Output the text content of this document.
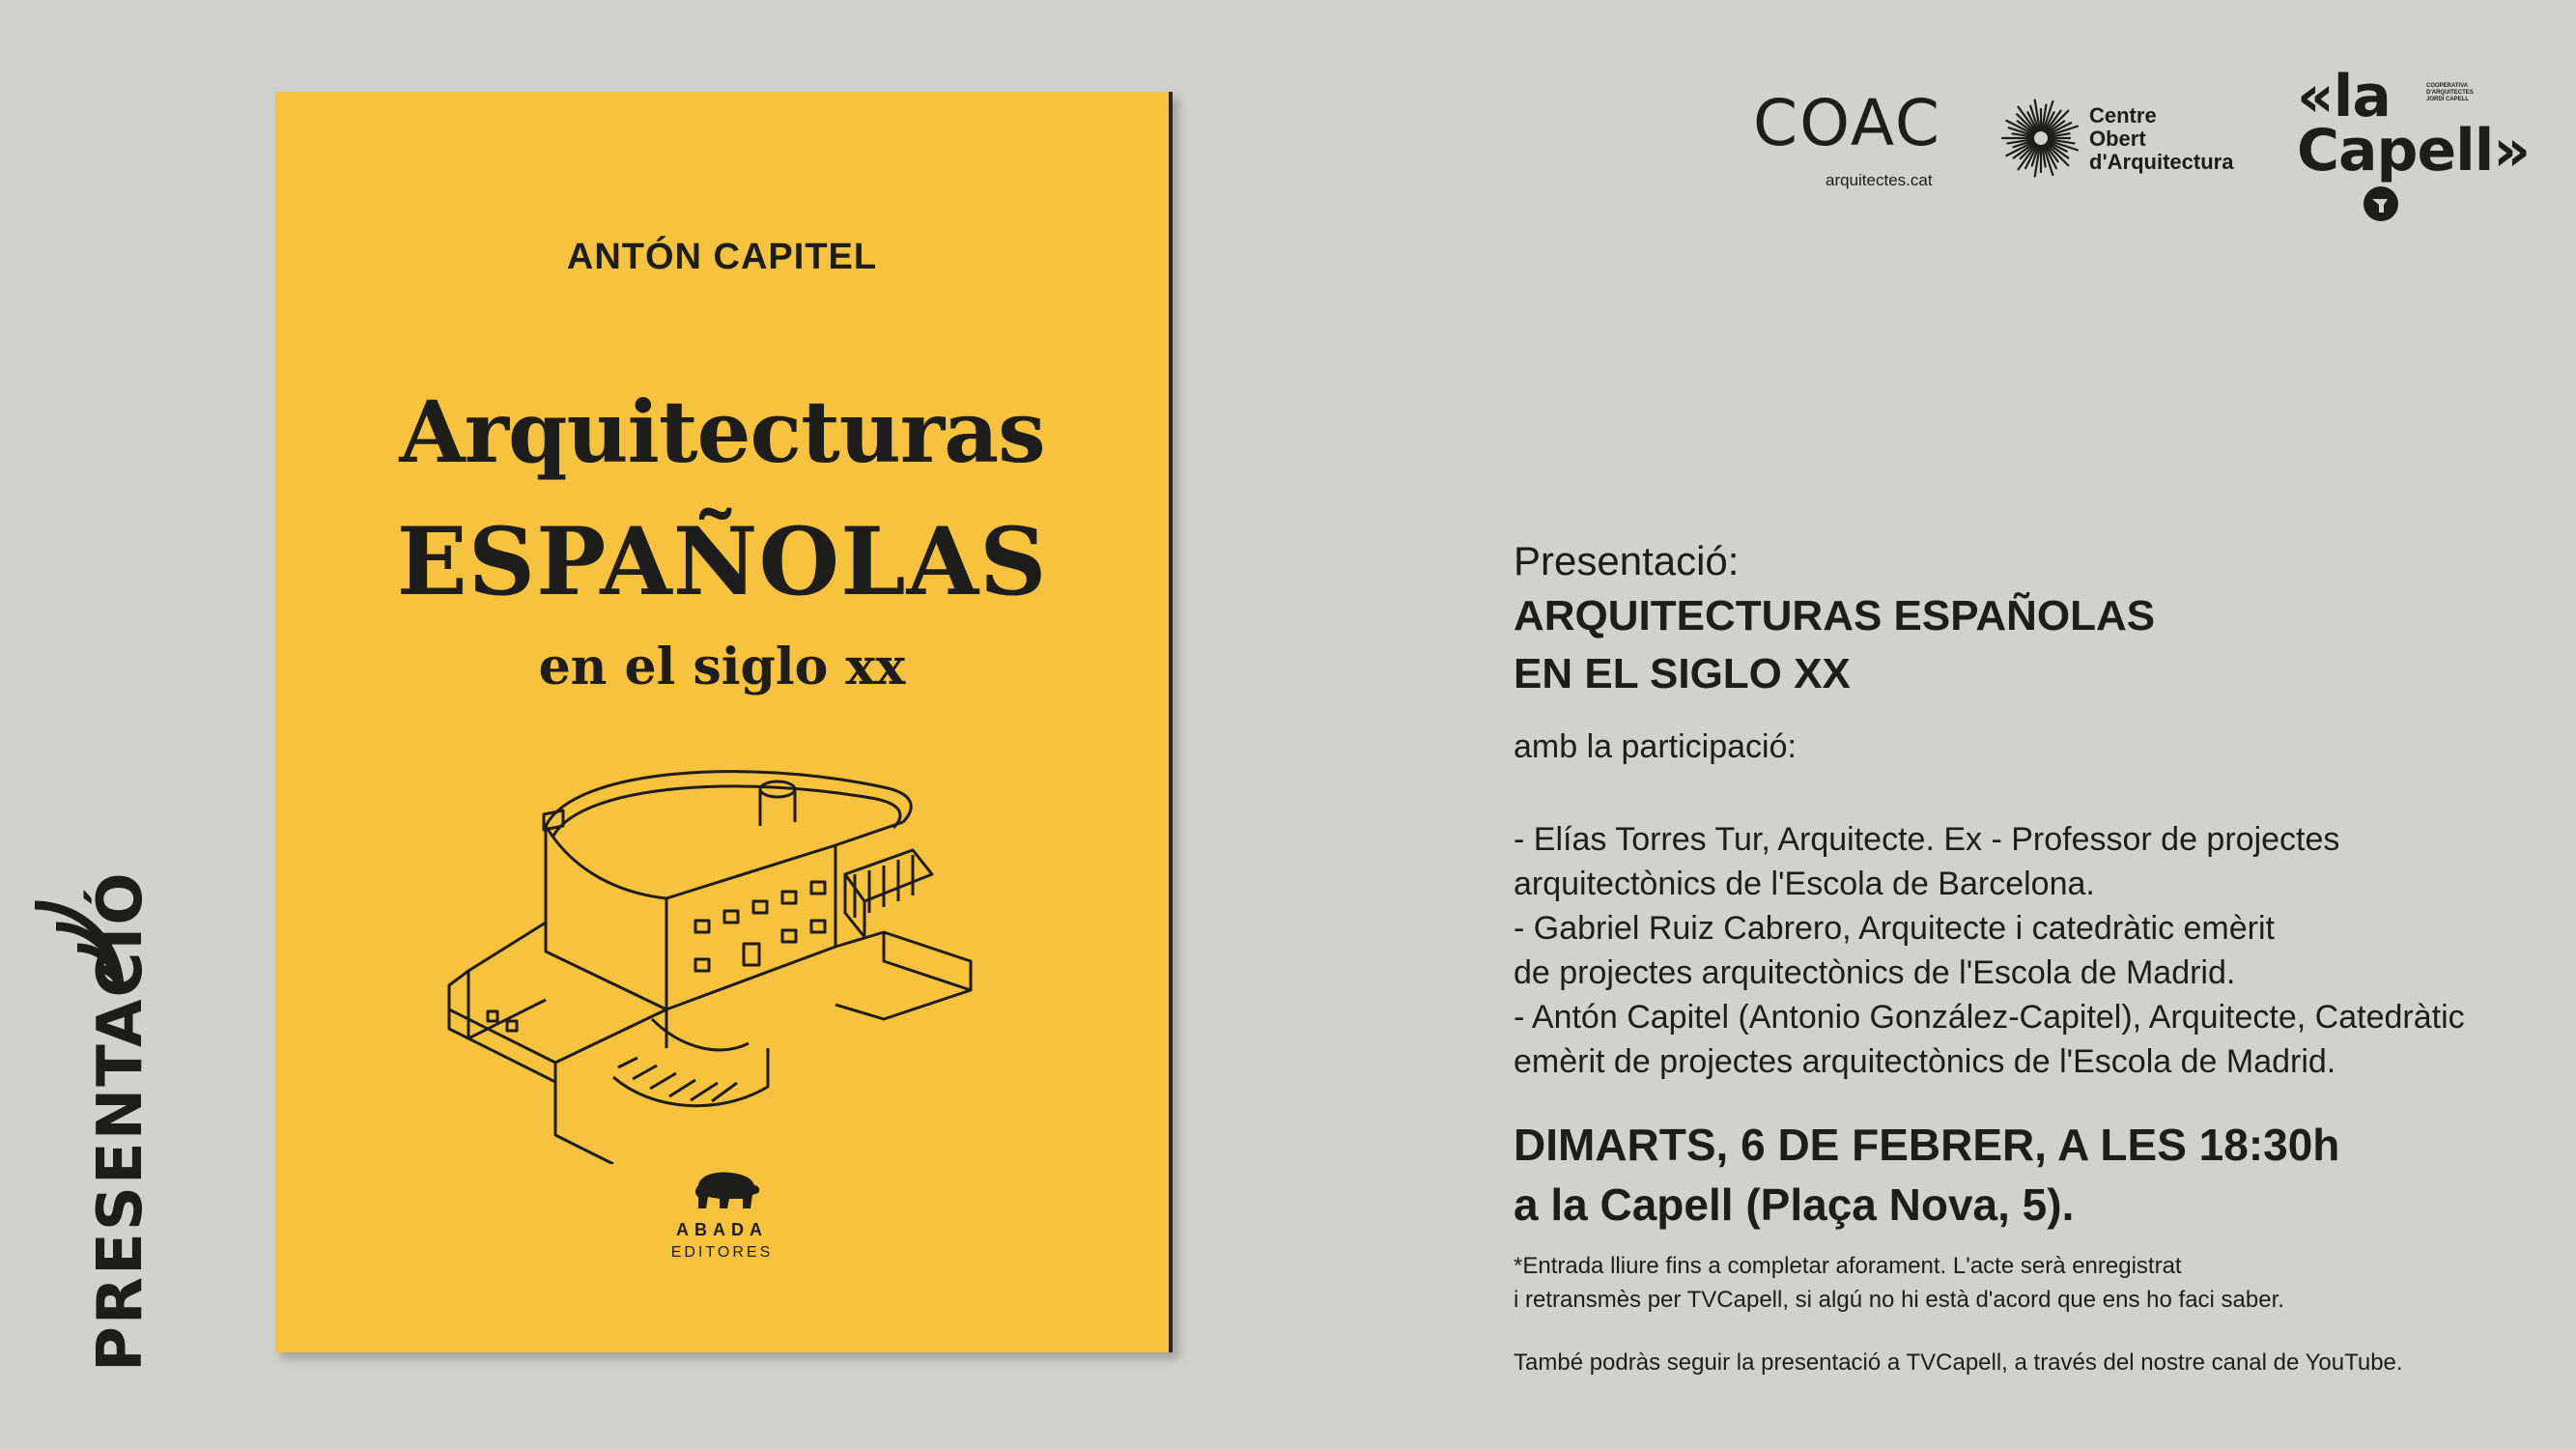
PRESENTACIÓ
ANTÓN CAPITEL
Arquitecturas
ESPAÑOLAS
en el siglo xx
ABADA
EDITORES
COAC
arquitectes.cat
Centre
Obert
d'Arquitectura
«la
Capell»
COOPERATIVA D'ARQUITECTES JORDI CAPELL
Presentació:
ARQUITECTURAS ESPAÑOLAS
EN EL SIGLO XX
amb la participació:
- Elías Torres Tur, Arquitecte. Ex - Professor de projectes
arquitectònics de l'Escola de Barcelona.
- Gabriel Ruiz Cabrero, Arquitecte i catedràtic emèrit
de projectes arquitectònics de l'Escola de Madrid.
- Antón Capitel (Antonio González-Capitel), Arquitecte, Catedràtic
emèrit de projectes arquitectònics de l'Escola de Madrid.
DIMARTS, 6 DE FEBRER, A LES 18:30h
a la Capell (Plaça Nova, 5).
*Entrada lliure fins a completar aforament. L'acte serà enregistrat
i retransmès per TVCapell, si algú no hi està d'acord que ens ho faci saber.
També podràs seguir la presentació a TVCapell, a través del nostre canal de YouTube.
